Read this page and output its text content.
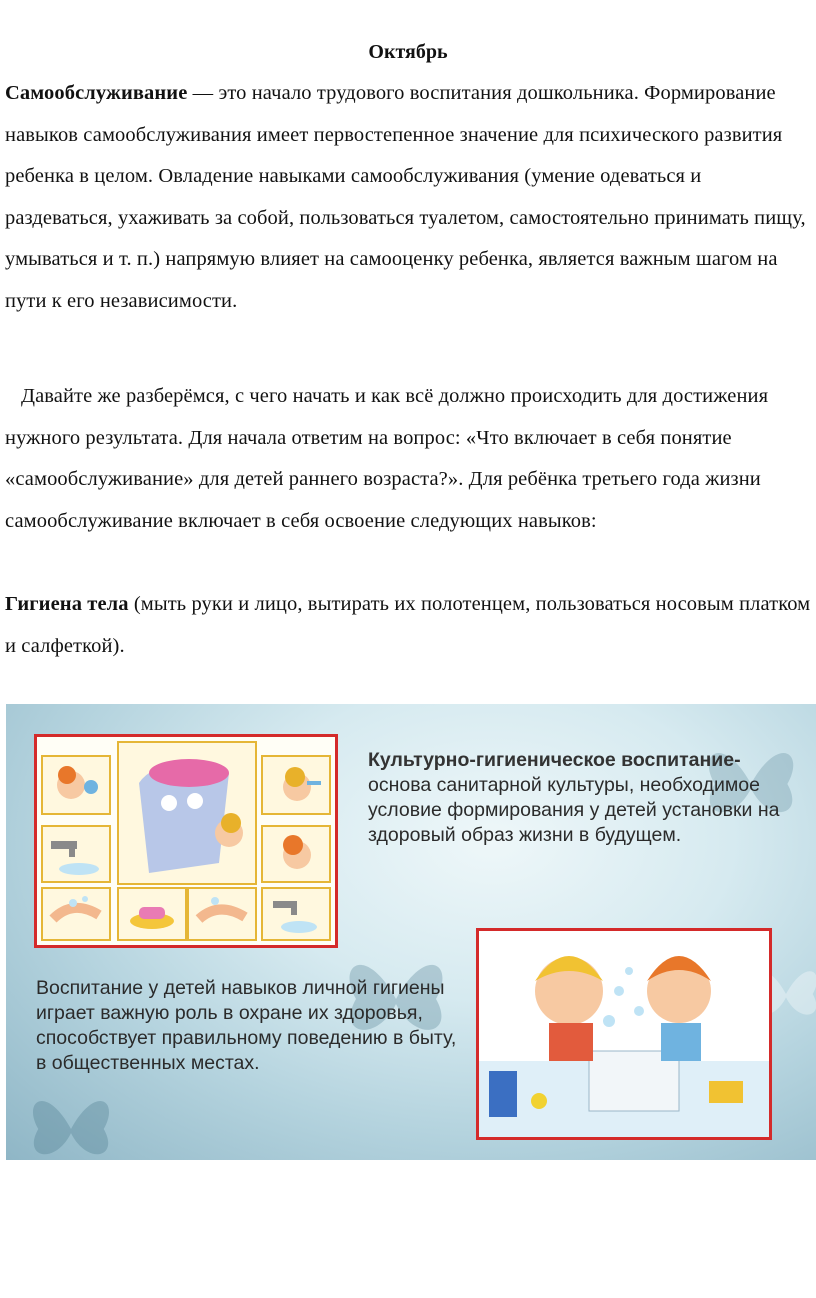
Октябрь
Самообслуживание — это начало трудового воспитания дошкольника. Формирование навыков самообслуживания имеет первостепенное значение для психического развития ребенка в целом. Овладение навыками самообслуживания (умение одеваться и раздеваться, ухаживать за собой, пользоваться туалетом, самостоятельно принимать пищу, умываться и т. п.) напрямую влияет на самооценку ребенка, является важным шагом на пути к его независимости.
Давайте же разберёмся, с чего начать и как всё должно происходить для достижения нужного результата. Для начала ответим на вопрос: «Что включает в себя понятие «самообслуживание» для детей раннего возраста?». Для ребёнка третьего года жизни самообслуживание включает в себя освоение следующих навыков:
Гигиена тела (мыть руки и лицо, вытирать их полотенцем, пользоваться носовым платком и салфеткой).
Культурно-гигиеническое воспитание-
основа санитарной культуры, необходимое условие формирования у детей установки на здоровый образ жизни в будущем.
Воспитание у детей навыков личной гигиены играет важную роль в охране их здоровья, способствует правильному поведению в быту, в общественных местах.
